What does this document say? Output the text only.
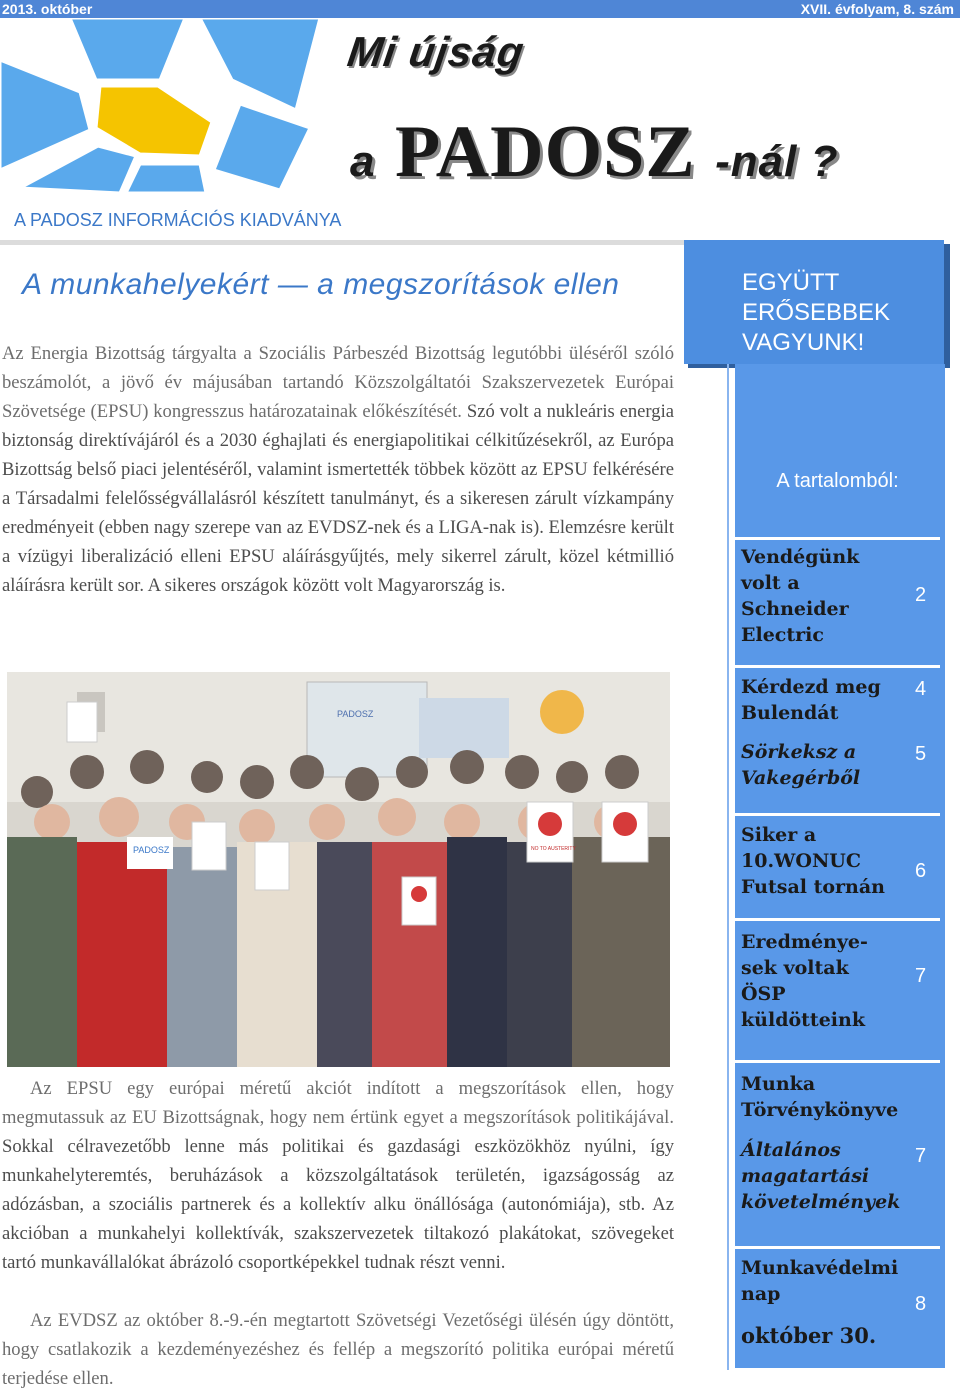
2013. október	XVII. évfolyam, 8. szám
Mi újság
a PADOSZ -nál ?
A PADOSZ INFORMÁCIÓS KIADVÁNYA
A munkahelyekért — a megszorítások ellen

Az Energia Bizottság tárgyalta a Szociális Párbeszéd Bizottság legutóbbi üléséről szóló beszámolót, a jövő év májusában tartandó Közszolgáltatói Szakszervezetek Európai Szövetsége (EPSU) kongresszus határozatainak előkészítését. Szó volt a nukleáris energia biztonság direktívájáról és a 2030 éghajlati és energiapolitikai célkitűzésekről, az Európa Bizottság belső piaci jelentéséről, valamint ismertették többek között az EPSU felkérésére a Társadalmi felelősségvállalásról készített tanulmányt, és a sikeresen zárult vízkampány eredményeit (ebben nagy szerepe van az EVDSZ-nek és a LIGA-nak is). Elemzésre került a vízügyi liberalizáció elleni EPSU aláírásgyűjtés, mely sikerrel zárult, közel kétmillió aláírásra került sor. A sikeres országok között volt Magyarország is.

PADOSZ
PADOSZ	NO TO AUSTERITY

Az EPSU egy európai méretű akciót indított a megszorítások ellen, hogy megmutassuk az EU Bizottságnak, hogy nem értünk egyet a megszorítások politikájával. Sokkal célravezetőbb lenne más politikai és gazdasági eszközökhöz nyúlni, így munkahelyteremtés, beruházások a közszolgáltatások területén, igazságosság az adózásban, a szociális partnerek és a kollektív alku önállósága (autonómiája), stb. Az akcióban a munkahelyi kollektívák, szakszervezetek tiltakozó plakátokat, szövegeket tartó munkavállalókat ábrázoló csoportképekkel tudnak részt venni.

Az EVDSZ az október 8.-9.-én megtartott Szövetségi Vezetőségi ülésén úgy döntött, hogy csatlakozik a kezdeményezéshez és fellép a megszorító politika európai méretű terjedése ellen.

EGYÜTT
ERŐSEBBEK
VAGYUNK!
A tartalomból:
Vendégünk volt a Schneider Electric
2
Kérdezd meg Bulendát
4
Sörkeksz a Vakegérből
5
Siker a 10.WONUC Futsal tornán
6
Eredménye-sek voltak ÖSP küldötteink
7
Munka Törvénykönyve
Általános magatartási követelmények
7
Munkavédelmi nap
október 30.
8
